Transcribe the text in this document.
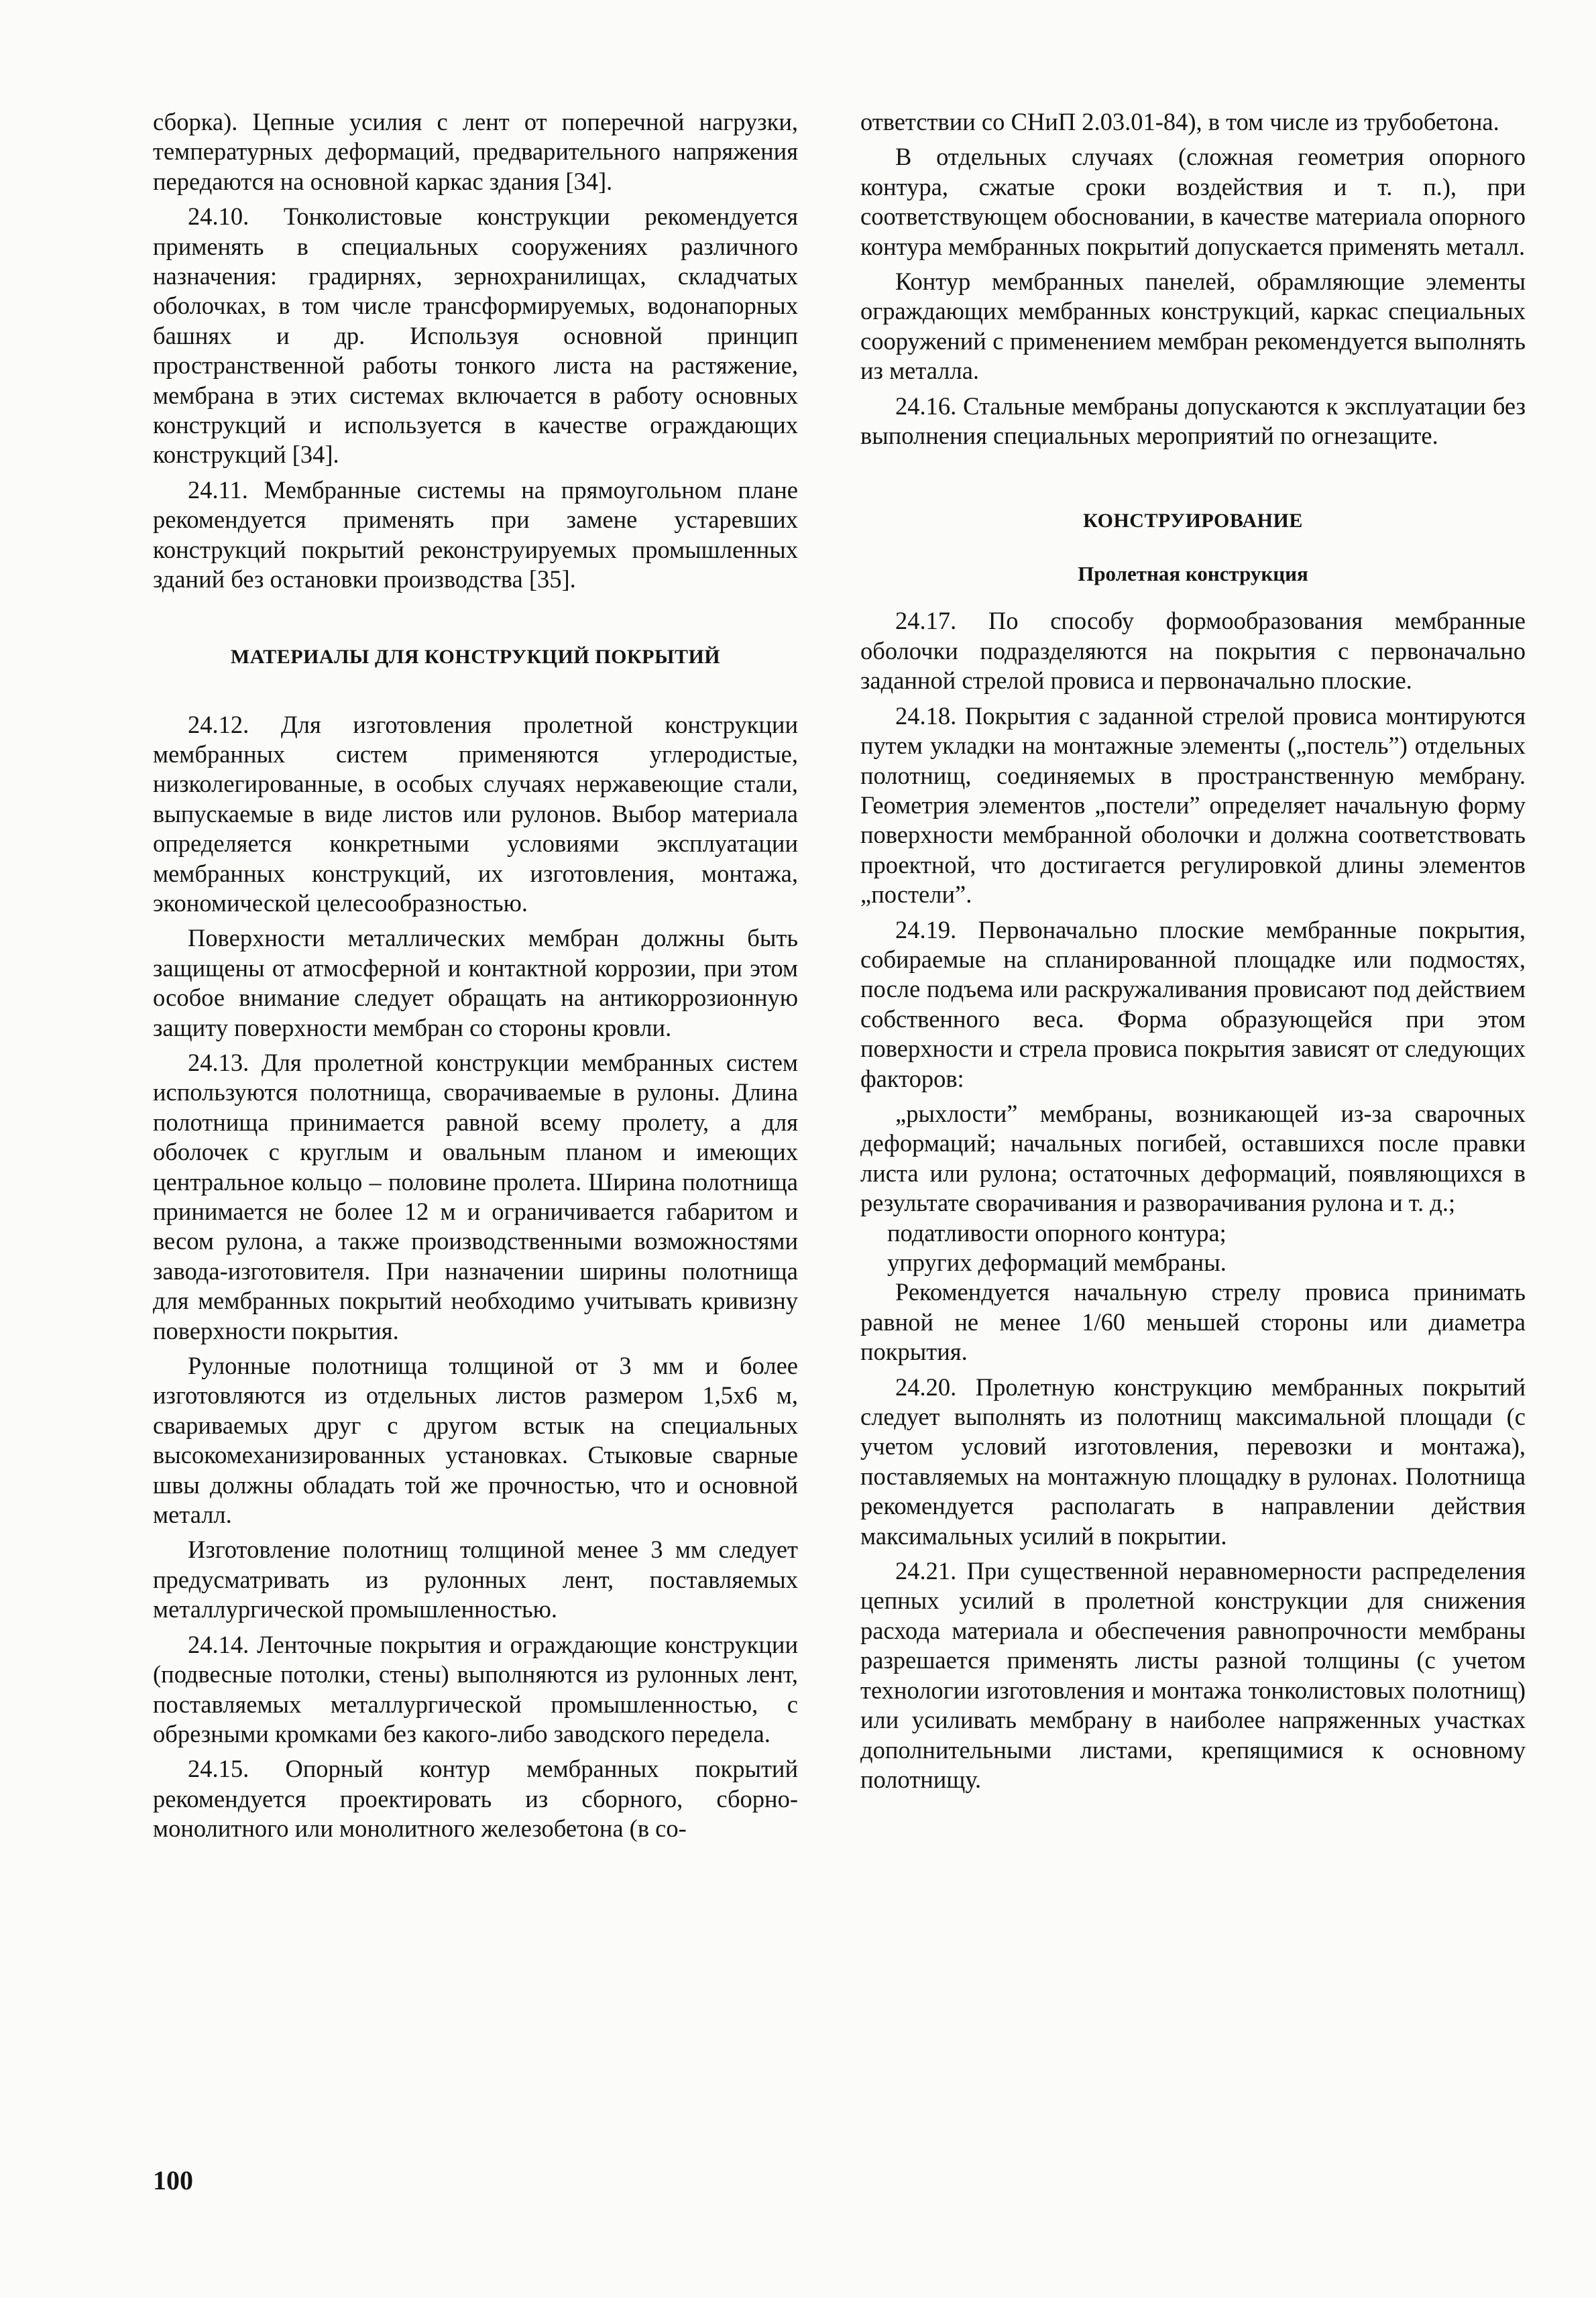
сборка). Цепные усилия с лент от поперечной нагрузки, температурных деформаций, предварительного напряжения передаются на основной каркас здания [34].

24.10. Тонколистовые конструкции рекомендуется применять в специальных сооружениях различного назначения: градирнях, зернохранилищах, складчатых оболочках, в том числе трансформируемых, водонапорных башнях и др. Используя основной принцип пространственной работы тонкого листа на растяжение, мембрана в этих системах включается в работу основных конструкций и используется в качестве ограждающих конструкций [34].

24.11. Мембранные системы на прямоугольном плане рекомендуется применять при замене устаревших конструкций покрытий реконструируемых промышленных зданий без остановки производства [35].

МАТЕРИАЛЫ ДЛЯ КОНСТРУКЦИЙ ПОКРЫТИЙ

24.12. Для изготовления пролетной конструкции мембранных систем применяются углеродистые, низколегированные, в особых случаях нержавеющие стали, выпускаемые в виде листов или рулонов. Выбор материала определяется конкретными условиями эксплуатации мембранных конструкций, их изготовления, монтажа, экономической целесообразностью.

Поверхности металлических мембран должны быть защищены от атмосферной и контактной коррозии, при этом особое внимание следует обращать на антикоррозионную защиту поверхности мембран со стороны кровли.

24.13. Для пролетной конструкции мембранных систем используются полотнища, сворачиваемые в рулоны. Длина полотнища принимается равной всему пролету, а для оболочек с круглым и овальным планом и имеющих центральное кольцо – половине пролета. Ширина полотнища принимается не более 12 м и ограничивается габаритом и весом рулона, а также производственными возможностями завода-изготовителя. При назначении ширины полотнища для мембранных покрытий необходимо учитывать кривизну поверхности покрытия.

Рулонные полотнища толщиной от 3 мм и более изготовляются из отдельных листов размером 1,5х6 м, свариваемых друг с другом встык на специальных высокомеханизированных установках. Стыковые сварные швы должны обладать той же прочностью, что и основной металл.

Изготовление полотнищ толщиной менее 3 мм следует предусматривать из рулонных лент, поставляемых металлургической промышленностью.

24.14. Ленточные покрытия и ограждающие конструкции (подвесные потолки, стены) выполняются из рулонных лент, поставляемых металлургической промышленностью, с обрезными кромками без какого-либо заводского передела.

24.15. Опорный контур мембранных покрытий рекомендуется проектировать из сборного, сборно-монолитного или монолитного железобетона (в со-

ответствии со СНиП 2.03.01-84), в том числе из трубобетона.

В отдельных случаях (сложная геометрия опорного контура, сжатые сроки воздействия и т. п.), при соответствующем обосновании, в качестве материала опорного контура мембранных покрытий допускается применять металл.

Контур мембранных панелей, обрамляющие элементы ограждающих мембранных конструкций, каркас специальных сооружений с применением мембран рекомендуется выполнять из металла.

24.16. Стальные мембраны допускаются к эксплуатации без выполнения специальных мероприятий по огнезащите.

КОНСТРУИРОВАНИЕ
Пролетная конструкция

24.17. По способу формообразования мембранные оболочки подразделяются на покрытия с первоначально заданной стрелой провиса и первоначально плоские.

24.18. Покрытия с заданной стрелой провиса монтируются путем укладки на монтажные элементы („постель”) отдельных полотнищ, соединяемых в пространственную мембрану. Геометрия элементов „постели” определяет начальную форму поверхности мембранной оболочки и должна соответствовать проектной, что достигается регулировкой длины элементов „постели”.

24.19. Первоначально плоские мембранные покрытия, собираемые на спланированной площадке или подмостях, после подъема или раскружаливания провисают под действием собственного веса. Форма образующейся при этом поверхности и стрела провиса покрытия зависят от следующих факторов:

„рыхлости” мембраны, возникающей из-за сварочных деформаций; начальных погибей, оставшихся после правки листа или рулона; остаточных деформаций, появляющихся в результате сворачивания и разворачивания рулона и т. д.;

податливости опорного контура;

упругих деформаций мембраны.

Рекомендуется начальную стрелу провиса принимать равной не менее 1/60 меньшей стороны или диаметра покрытия.

24.20. Пролетную конструкцию мембранных покрытий следует выполнять из полотнищ максимальной площади (с учетом условий изготовления, перевозки и монтажа), поставляемых на монтажную площадку в рулонах. Полотнища рекомендуется располагать в направлении действия максимальных усилий в покрытии.

24.21. При существенной неравномерности распределения цепных усилий в пролетной конструкции для снижения расхода материала и обеспечения равнопрочности мембраны разрешается применять листы разной толщины (с учетом технологии изготовления и монтажа тонколистовых полотнищ) или усиливать мембрану в наиболее напряженных участках дополнительными листами, крепящимися к основному полотнищу.

100
